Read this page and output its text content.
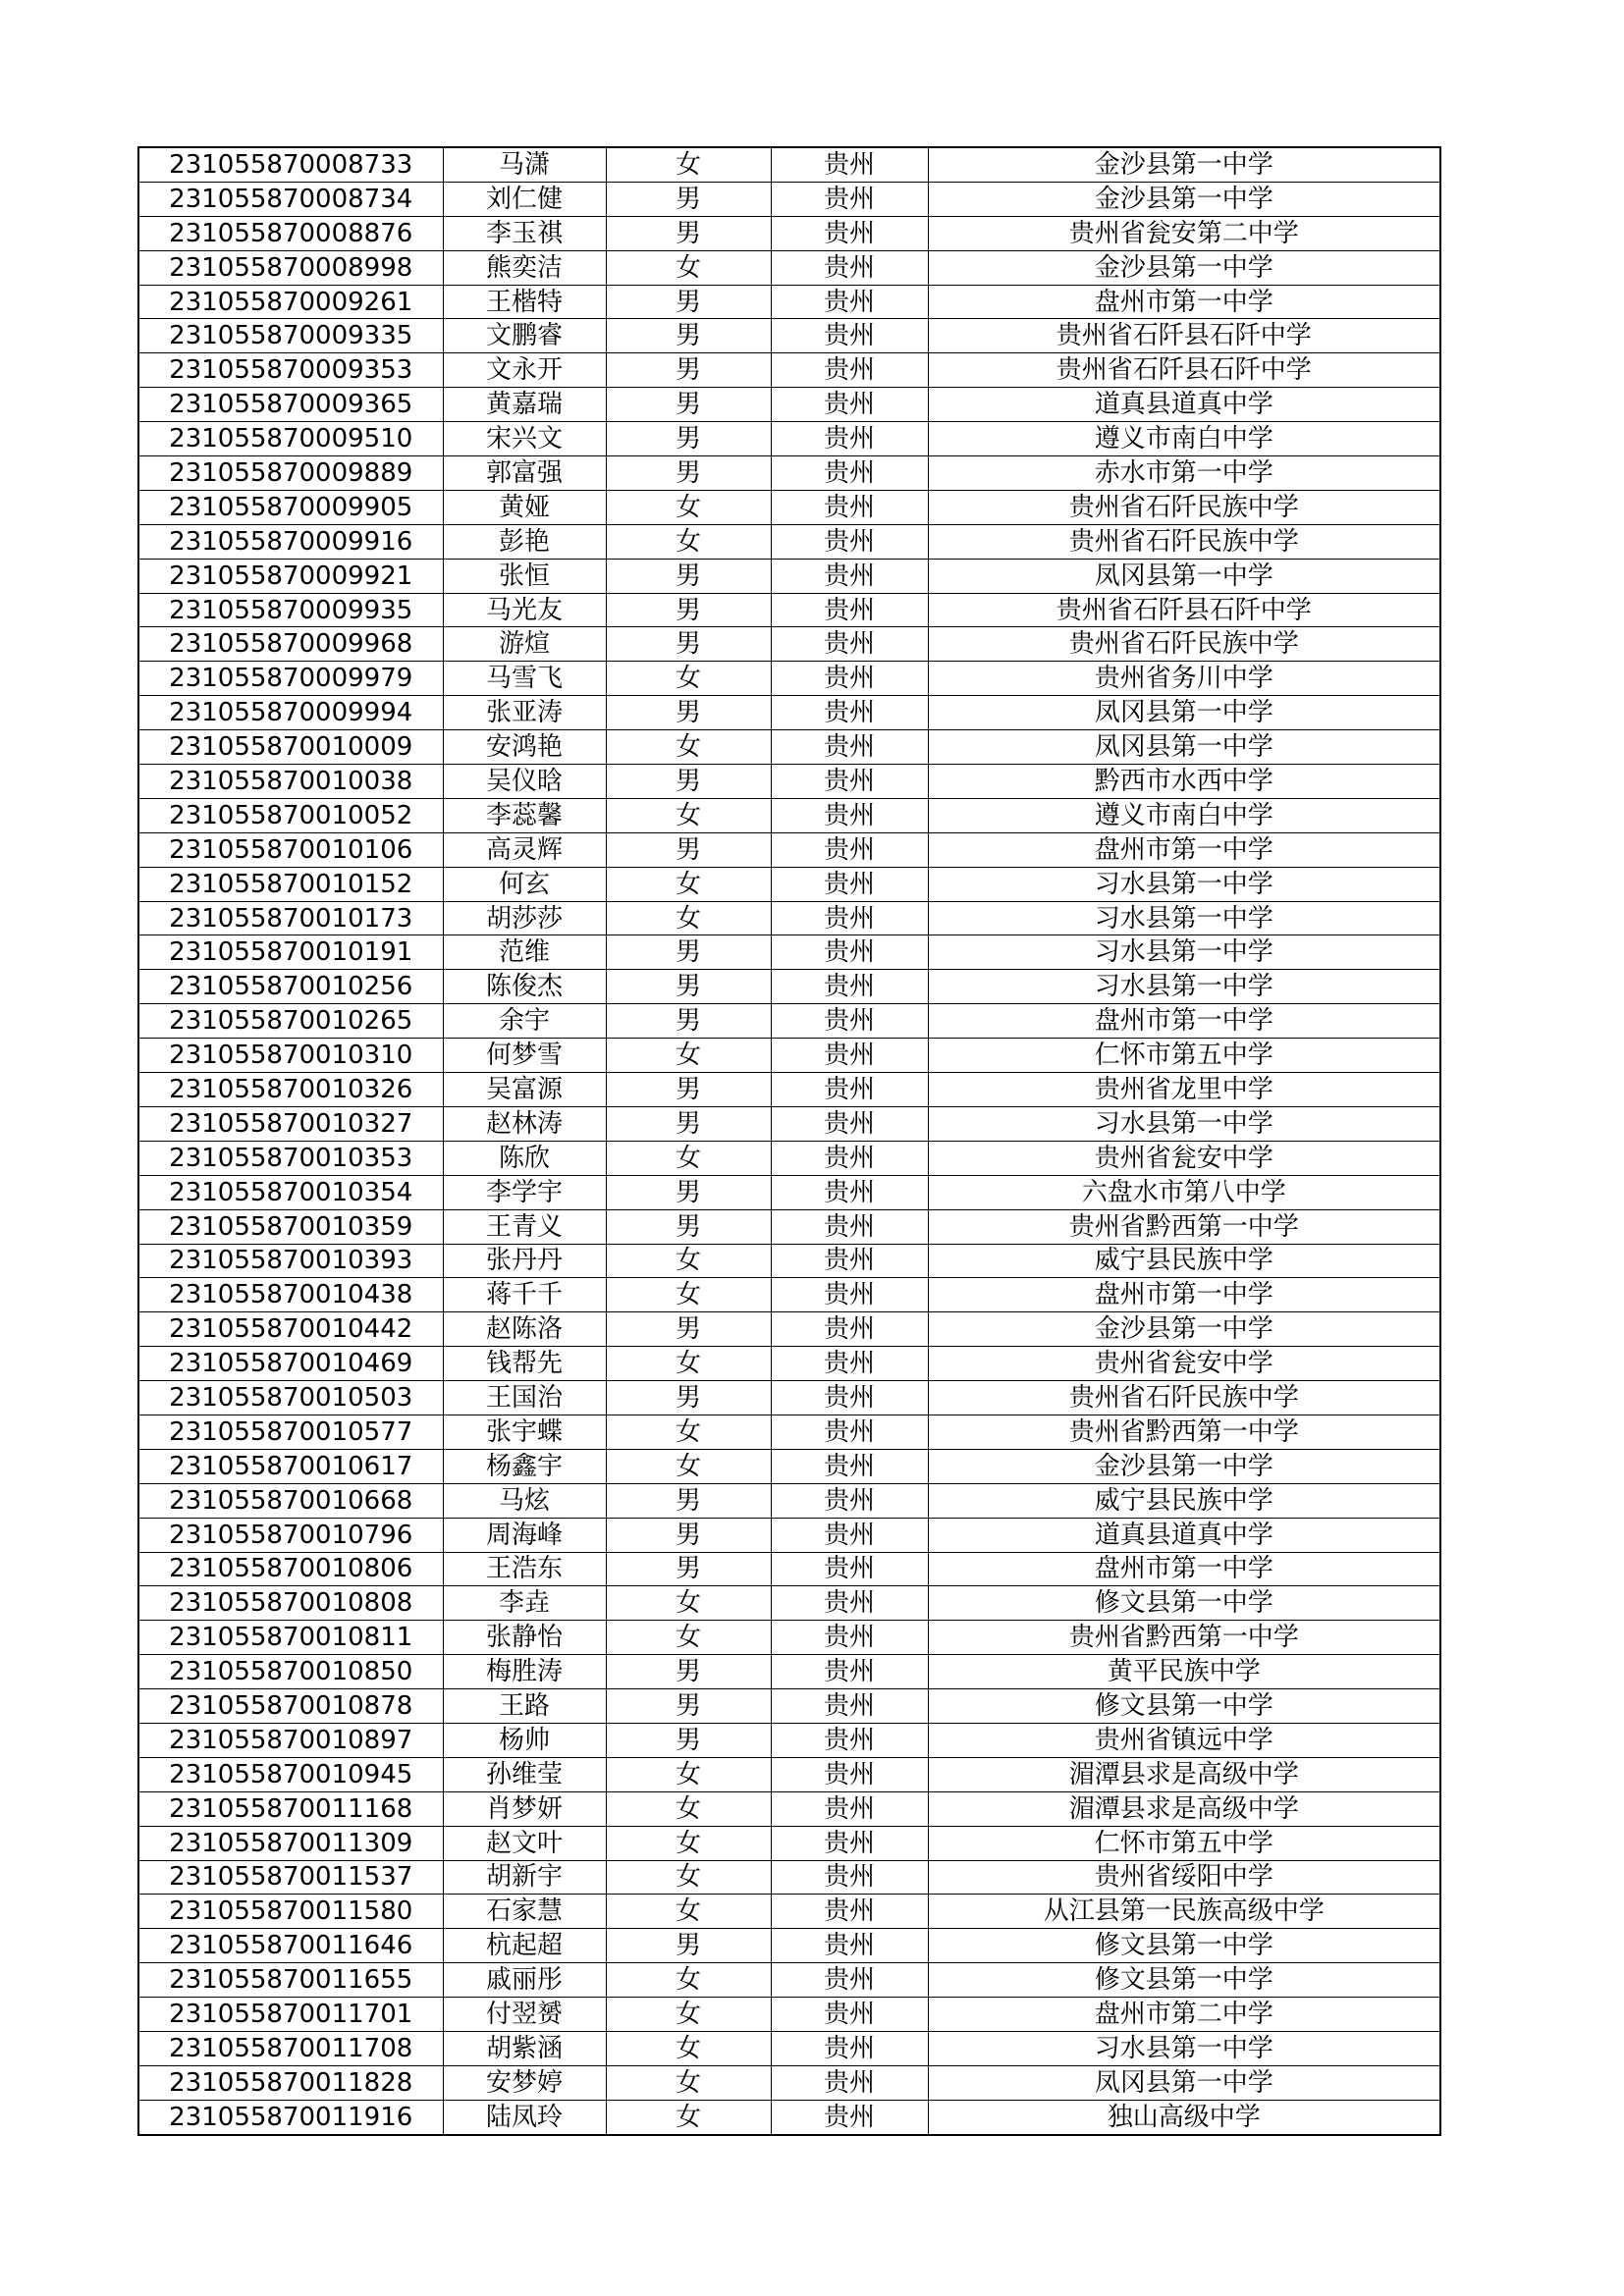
231055870008733	马潇	女	贵州	金沙县第一中学
231055870008734	刘仁健	男	贵州	金沙县第一中学
231055870008876	李玉祺	男	贵州	贵州省瓮安第二中学
231055870008998	熊奕洁	女	贵州	金沙县第一中学
231055870009261	王楷特	男	贵州	盘州市第一中学
231055870009335	文鹏睿	男	贵州	贵州省石阡县石阡中学
231055870009353	文永开	男	贵州	贵州省石阡县石阡中学
231055870009365	黄嘉瑞	男	贵州	道真县道真中学
231055870009510	宋兴文	男	贵州	遵义市南白中学
231055870009889	郭富强	男	贵州	赤水市第一中学
231055870009905	黄娅	女	贵州	贵州省石阡民族中学
231055870009916	彭艳	女	贵州	贵州省石阡民族中学
231055870009921	张恒	男	贵州	凤冈县第一中学
231055870009935	马光友	男	贵州	贵州省石阡县石阡中学
231055870009968	游煊	男	贵州	贵州省石阡民族中学
231055870009979	马雪飞	女	贵州	贵州省务川中学
231055870009994	张亚涛	男	贵州	凤冈县第一中学
231055870010009	安鸿艳	女	贵州	凤冈县第一中学
231055870010038	吴仪晗	男	贵州	黔西市水西中学
231055870010052	李蕊馨	女	贵州	遵义市南白中学
231055870010106	高灵辉	男	贵州	盘州市第一中学
231055870010152	何玄	女	贵州	习水县第一中学
231055870010173	胡莎莎	女	贵州	习水县第一中学
231055870010191	范维	男	贵州	习水县第一中学
231055870010256	陈俊杰	男	贵州	习水县第一中学
231055870010265	余宇	男	贵州	盘州市第一中学
231055870010310	何梦雪	女	贵州	仁怀市第五中学
231055870010326	吴富源	男	贵州	贵州省龙里中学
231055870010327	赵林涛	男	贵州	习水县第一中学
231055870010353	陈欣	女	贵州	贵州省瓮安中学
231055870010354	李学宇	男	贵州	六盘水市第八中学
231055870010359	王青义	男	贵州	贵州省黔西第一中学
231055870010393	张丹丹	女	贵州	威宁县民族中学
231055870010438	蒋千千	女	贵州	盘州市第一中学
231055870010442	赵陈洛	男	贵州	金沙县第一中学
231055870010469	钱帮先	女	贵州	贵州省瓮安中学
231055870010503	王国治	男	贵州	贵州省石阡民族中学
231055870010577	张宇蝶	女	贵州	贵州省黔西第一中学
231055870010617	杨鑫宇	女	贵州	金沙县第一中学
231055870010668	马炫	男	贵州	威宁县民族中学
231055870010796	周海峰	男	贵州	道真县道真中学
231055870010806	王浩东	男	贵州	盘州市第一中学
231055870010808	李垚	女	贵州	修文县第一中学
231055870010811	张静怡	女	贵州	贵州省黔西第一中学
231055870010850	梅胜涛	男	贵州	黄平民族中学
231055870010878	王路	男	贵州	修文县第一中学
231055870010897	杨帅	男	贵州	贵州省镇远中学
231055870010945	孙维莹	女	贵州	湄潭县求是高级中学
231055870011168	肖梦妍	女	贵州	湄潭县求是高级中学
231055870011309	赵文叶	女	贵州	仁怀市第五中学
231055870011537	胡新宇	女	贵州	贵州省绥阳中学
231055870011580	石家慧	女	贵州	从江县第一民族高级中学
231055870011646	杭起超	男	贵州	修文县第一中学
231055870011655	戚丽彤	女	贵州	修文县第一中学
231055870011701	付翌赟	女	贵州	盘州市第二中学
231055870011708	胡紫涵	女	贵州	习水县第一中学
231055870011828	安梦婷	女	贵州	凤冈县第一中学
231055870011916	陆凤玲	女	贵州	独山高级中学
